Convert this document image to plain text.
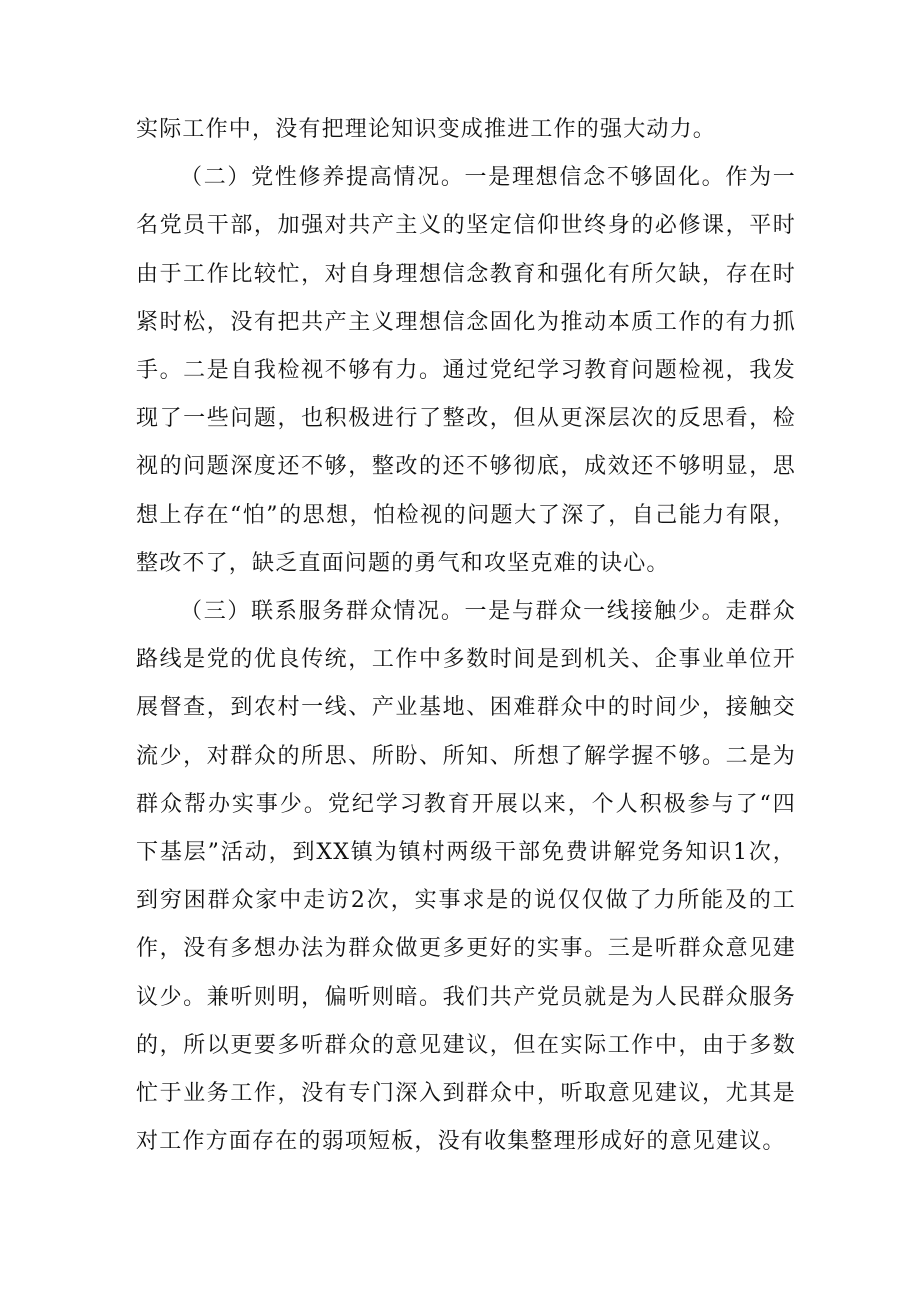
实际工作中，没有把理论知识变成推进工作的强大动力。

（二）党性修养提高情况。一是理想信念不够固化。作为一名党员干部，加强对共产主义的坚定信仰世终身的必修课，平时由于工作比较忙，对自身理想信念教育和强化有所欠缺，存在时紧时松，没有把共产主义理想信念固化为推动本质工作的有力抓手。二是自我检视不够有力。通过党纪学习教育问题检视，我发现了一些问题，也积极进行了整改，但从更深层次的反思看，检视的问题深度还不够，整改的还不够彻底，成效还不够明显，思想上存在“怕”的思想，怕检视的问题大了深了，自己能力有限，整改不了，缺乏直面问题的勇气和攻坚克难的诀心。

（三）联系服务群众情况。一是与群众一线接触少。走群众路线是党的优良传统，工作中多数时间是到机关、企事业单位开展督查，到农村一线、产业基地、困难群众中的时间少，接触交流少，对群众的所思、所盼、所知、所想了解学握不够。二是为群众帮办实事少。党纪学习教育开展以来，个人积极参与了“四下基层”活动，到XX镇为镇村两级干部免费讲解党务知识1次，到穷困群众家中走访2次，实事求是的说仅仅做了力所能及的工作，没有多想办法为群众做更多更好的实事。三是听群众意见建议少。兼听则明，偏听则暗。我们共产党员就是为人民群众服务的，所以更要多听群众的意见建议，但在实际工作中，由于多数忙于业务工作，没有专门深入到群众中，听取意见建议，尤其是对工作方面存在的弱项短板，没有收集整理形成好的意见建议。
